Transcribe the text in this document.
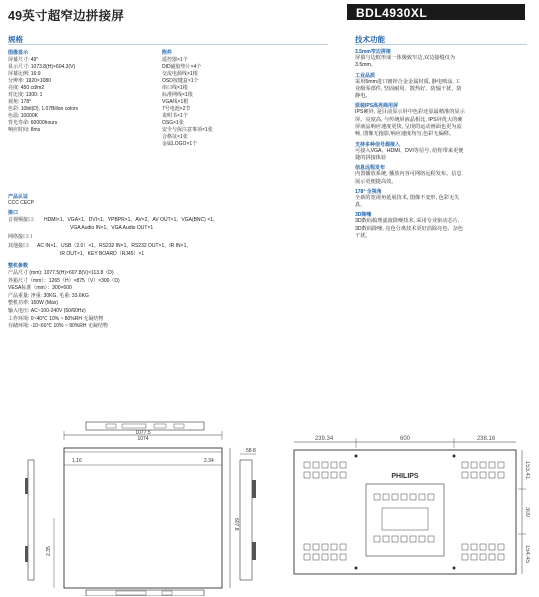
49英寸超窄边拼接屏	BDL4930XL
规格
图像显示
屏幕尺寸: 49"
显示尺寸: 1073.8(H)×604.3(V)
屏幕比例: 16:9
分辨率: 1920×1080
亮度: 450 cd/m2
对比度: 1300: 1
视角: 178°
色彩: 10bit(D), 1.07Billon colors
色温: 10000K
背光寿命: 60000hours
响应时间: 8ms
附件
遥控器×1个
DID磁胶垫片×4个
交流电源线×1根
OSD按键盒×1个
串口线×1根
标准网线×1根
VGA线×1根
7号电池×2节
说明书×1个
OSG×1张
安全与保注意事项×1张
合格证×1张
金属LOGO×1个
产品认证
CCC CECP
接口
音视频接口: HDMI×1、VGA×1、DVI×1、YPBPR×1、AV×2、AV OUT×1、VGA(BNC) ×1、
VGA Audio IN×1、VGA Audio OUT×1
网络接口: /
其他接口: AC IN×1、USB（2.0）×1、RS232 IN×1、RS232 OUT×1、IR IN×1、
IR OUT×1、KEY BOARD（RJ45）×1
整机参数
产品尺寸 (mm): 1077.5(H)×607.8(V)×113.8（D)
外箱尺寸（mm）：1265（H）×875（V）×300（D)
VESA标准（mm）：300×600
产品重量: 净重: 30KG, 毛重: 33.6KG
整机功率: 160W (Max)
输入电压: AC~100-240V (50/60Hz)
工作环境: 0~40℃ 10% ~ 80%RH 无凝结物
存储环境: -10~60℃ 10% ~ 90%RH 无凝结物
技术功能
3.5mm窄边拼接
屏幕与边框形成一体极致窄边,双边接缝仅为
3.5mm。
工业品质
采用5mm进口镀锌合金金属材质, 静电喷涂, 工
业级零部件, 坚固耐用、散热好、防辐干扰、防
静电。
原装IPS高亮商用屏
IPS硬屏, 是目前显示屏中色彩还原最精准的显示
屏。亮度高, 与传统屏液晶相比, IPS屏优大的硬
屏液晶响应速度更快, 呈现的运动画面也更为流
畅, 图像无拖影,响应速度均匀,色彩无偏移。
支持多种信号源接入
可接入VGA、HDMI、DVI等信号, 给你带来更便
捷的拼接体验
信息远程发布
内置播放系统, 播放内容可网络远程发布。信息
展示更便捷高效。
178° 全视角
全新的宽视角延展技术, 图像不变形, 色彩无失
真。
3D降噪
3D数码梳理滤波降噪技术, 采用专业驱动芯片,
3D数码降噪, 亮色分离技术更好消除亮色、杂色
干扰。
1077.5
1074
1.16	2.34
607.8
58.8
2.35
239.34	600	238.16
PHILIPS	153.41
300
154.45
